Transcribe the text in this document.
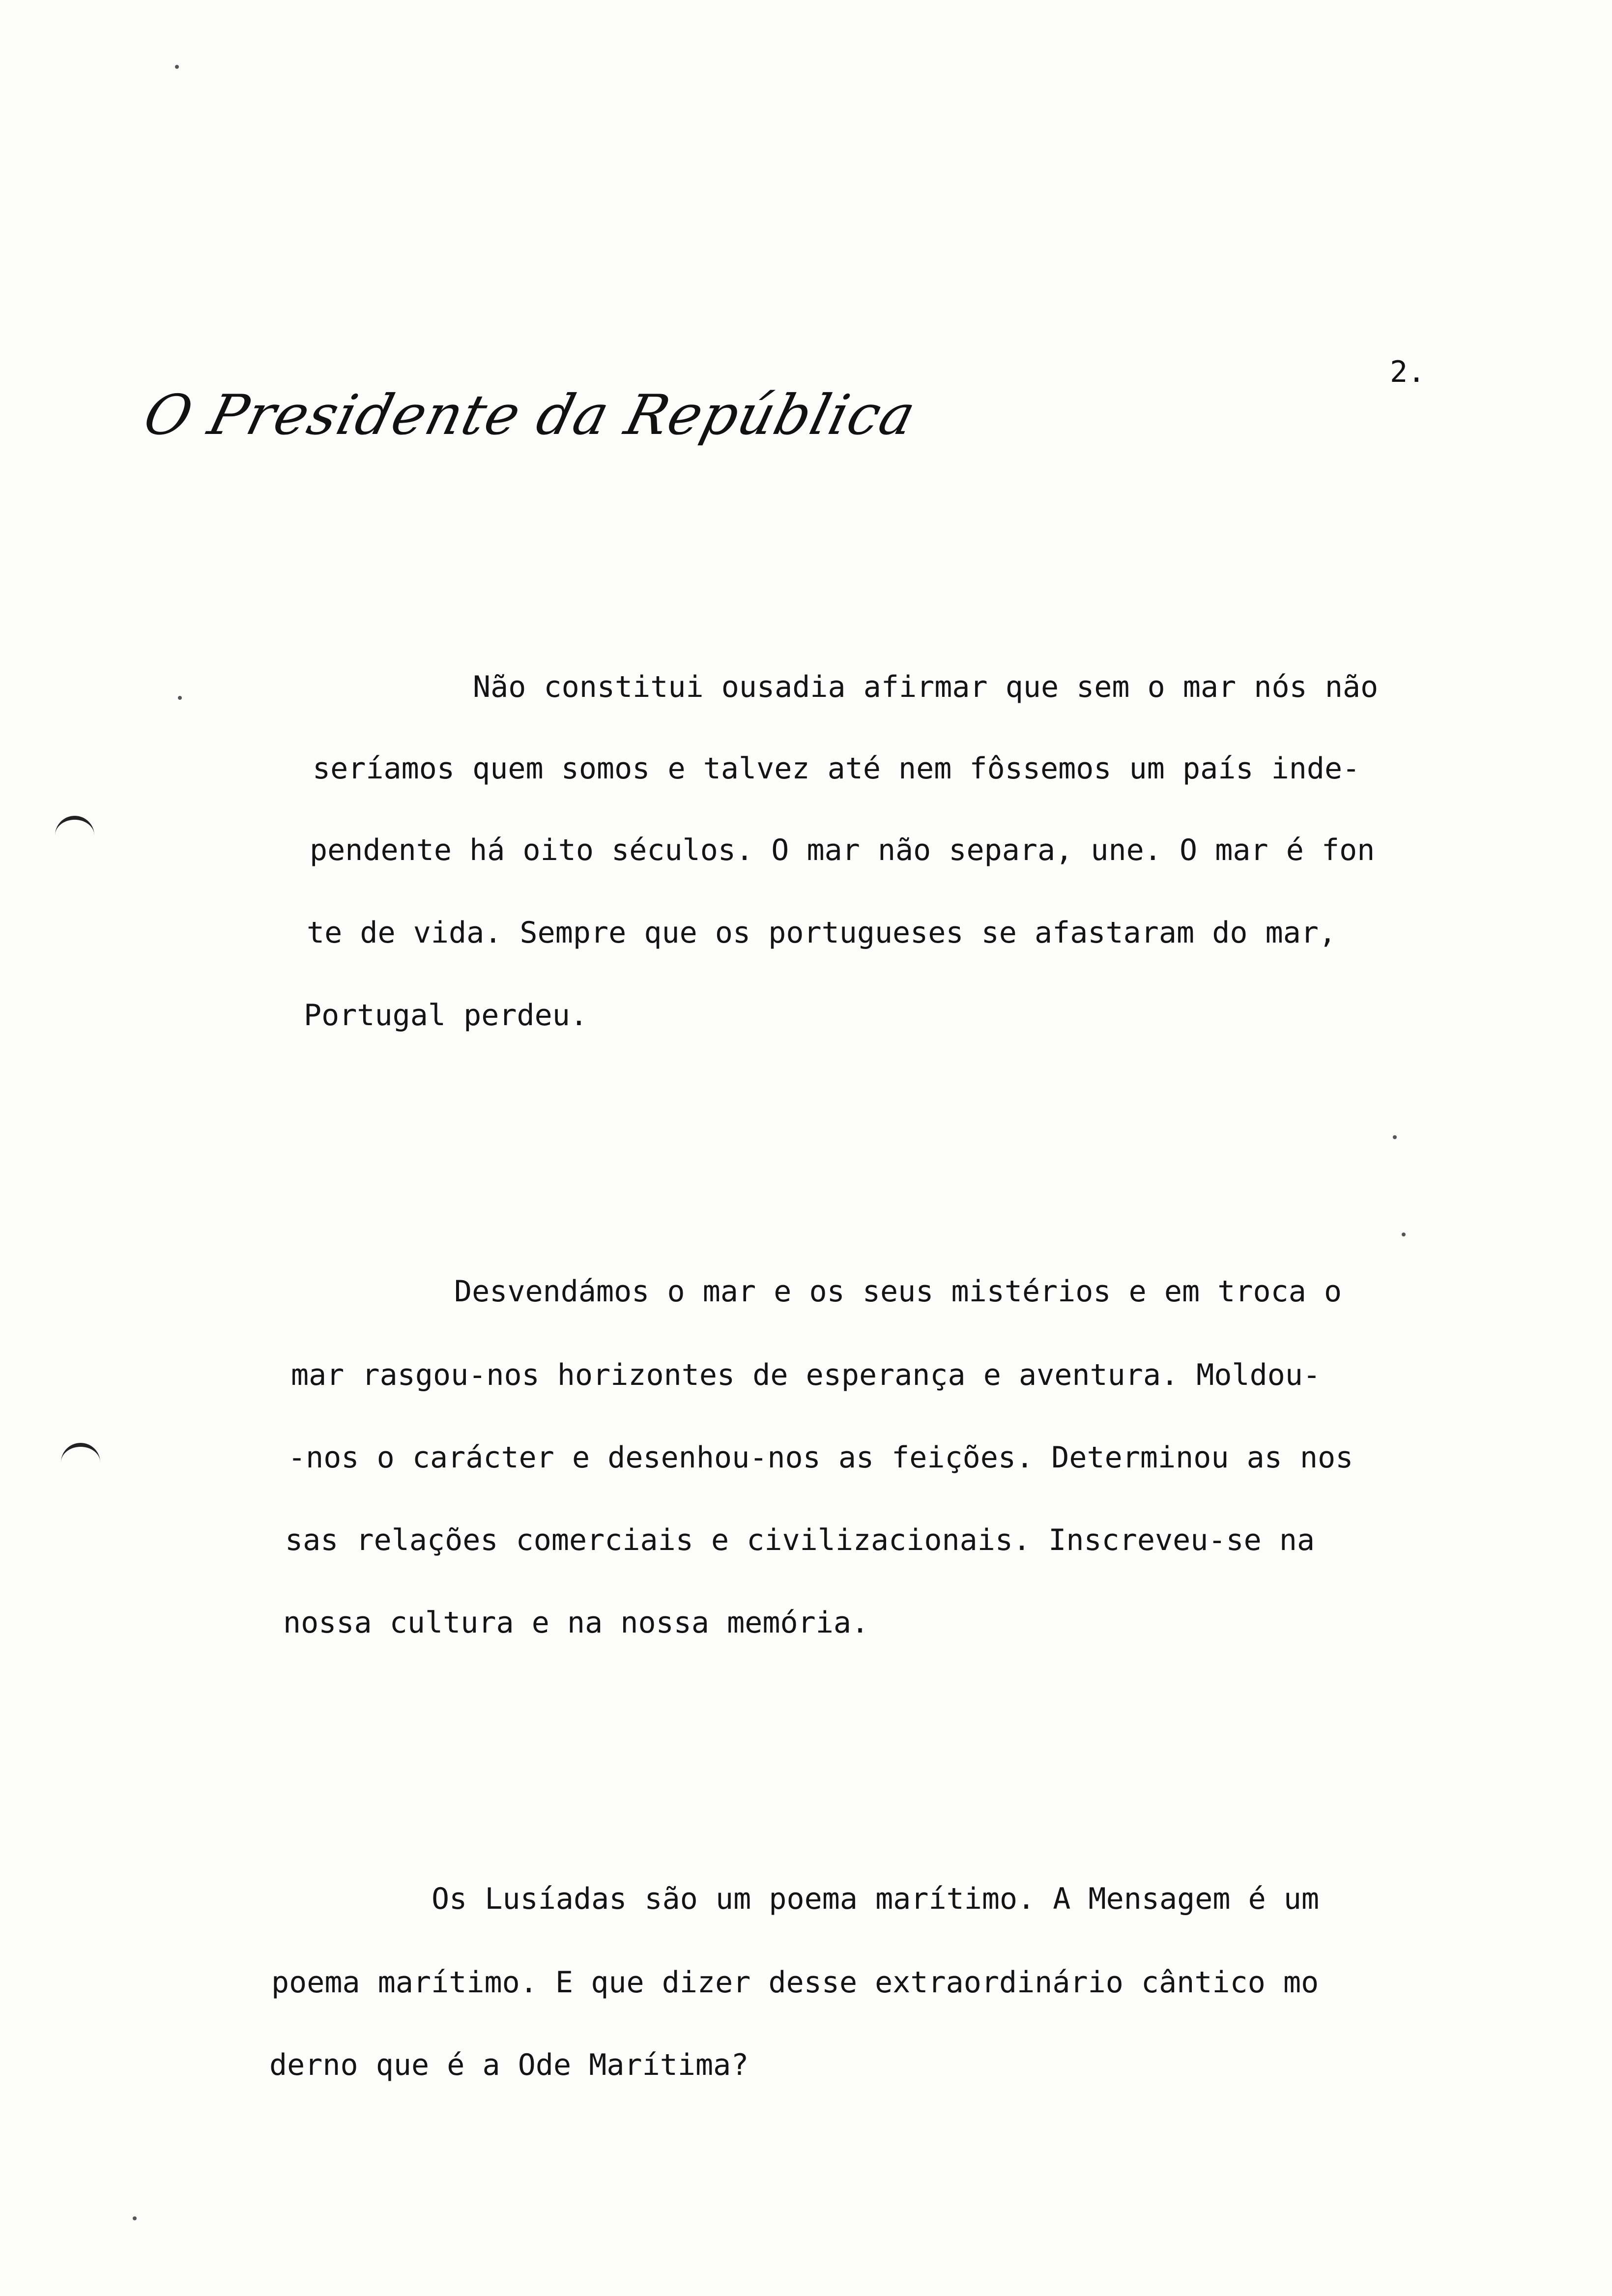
O Presidente da República
2.
Não constitui ousadia afirmar que sem o mar nós não
seríamos quem somos e talvez até nem fôssemos um país inde-
pendente há oito séculos. O mar não separa, une. O mar é fon
te de vida. Sempre que os portugueses se afastaram do mar,
Portugal perdeu.
Desvendámos o mar e os seus mistérios e em troca o
mar rasgou-nos horizontes de esperança e aventura. Moldou-
-nos o carácter e desenhou-nos as feições. Determinou as nos
sas relações comerciais e civilizacionais. Inscreveu-se na
nossa cultura e na nossa memória.
Os Lusíadas são um poema marítimo. A Mensagem é um
poema marítimo. E que dizer desse extraordinário cântico mo
derno que é a Ode Marítima?
